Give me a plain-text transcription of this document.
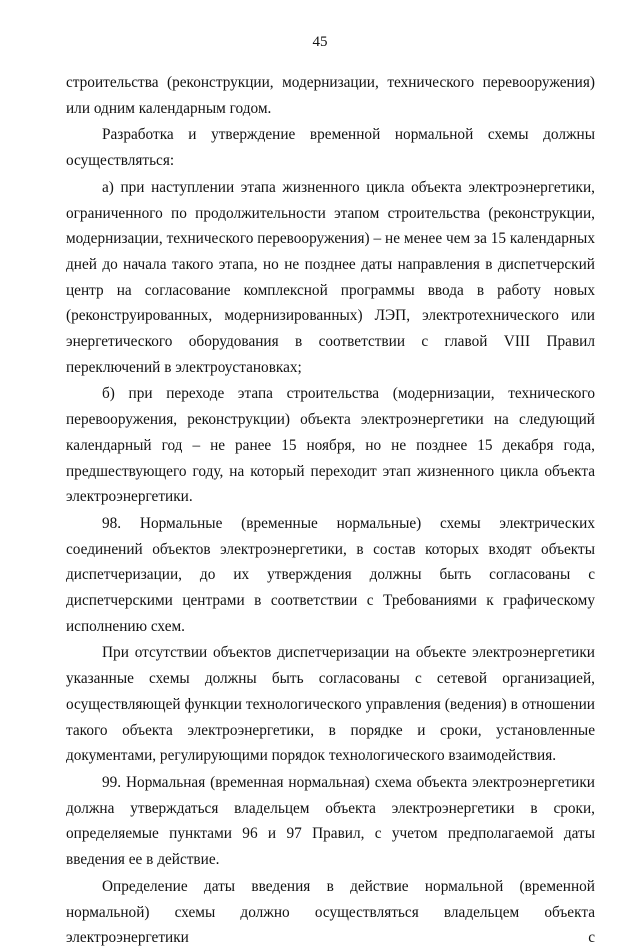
45

строительства (реконструкции, модернизации, технического перевооружения) или одним календарным годом.

Разработка и утверждение временной нормальной схемы должны осуществляться:

а) при наступлении этапа жизненного цикла объекта электроэнергетики, ограниченного по продолжительности этапом строительства (реконструкции, модернизации, технического перевооружения) – не менее чем за 15 календарных дней до начала такого этапа, но не позднее даты направления в диспетчерский центр на согласование комплексной программы ввода в работу новых (реконструированных, модернизированных) ЛЭП, электротехнического или энергетического оборудования в соответствии с главой VIII Правил переключений в электроустановках;

б) при переходе этапа строительства (модернизации, технического перевооружения, реконструкции) объекта электроэнергетики на следующий календарный год – не ранее 15 ноября, но не позднее 15 декабря года, предшествующего году, на который переходит этап жизненного цикла объекта электроэнергетики.

98. Нормальные (временные нормальные) схемы электрических соединений объектов электроэнергетики, в состав которых входят объекты диспетчеризации, до их утверждения должны быть согласованы с диспетчерскими центрами в соответствии с Требованиями к графическому исполнению схем.

При отсутствии объектов диспетчеризации на объекте электроэнергетики указанные схемы должны быть согласованы с сетевой организацией, осуществляющей функции технологического управления (ведения) в отношении такого объекта электроэнергетики, в порядке и сроки, установленные документами, регулирующими порядок технологического взаимодействия.

99. Нормальная (временная нормальная) схема объекта электроэнергетики должна утверждаться владельцем объекта электроэнергетики в сроки, определяемые пунктами 96 и 97 Правил, с учетом предполагаемой даты введения ее в действие.

Определение даты введения в действие нормальной (временной нормальной) схемы должно осуществляться владельцем объекта электроэнергетики с
